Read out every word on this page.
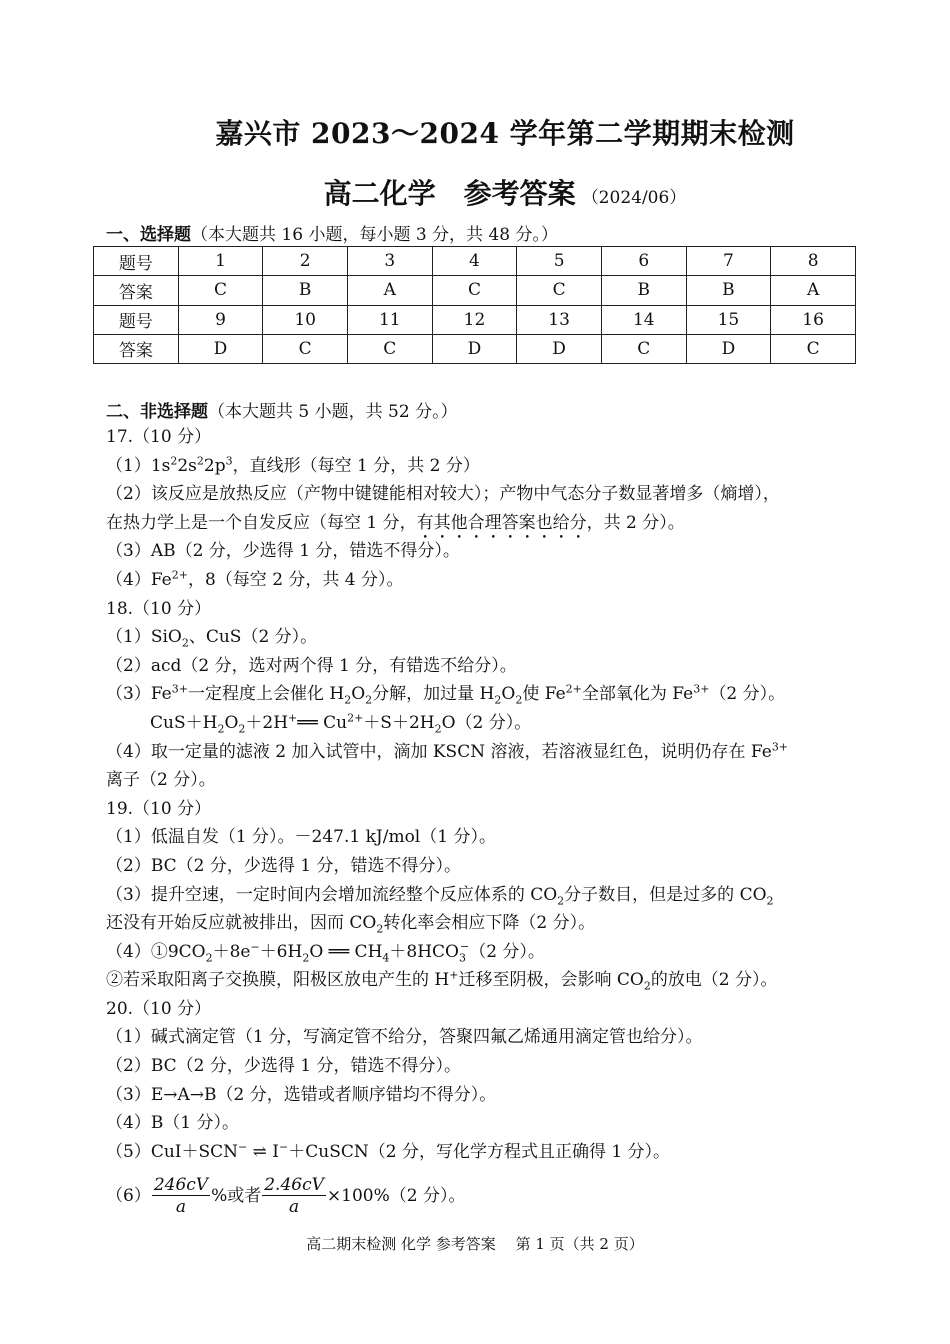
嘉兴市 2023～2024 学年第二学期期末检测
高二化学　参考答案 （2024/06）
一、选择题（本大题共 16 小题，每小题 3 分，共 48 分。）
题号	1	2	3	4	5	6	7	8
答案	C	B	A	C	C	B	B	A
题号	9	10	11	12	13	14	15	16
答案	D	C	C	D	D	C	D	C
二、非选择题（本大题共 5 小题，共 52 分。）
17.（10 分）
$(1)1s^22s^22p^3$，直线形（每空 1 分，共 2 分）
（2）该反应是放热反应（产物中键键能相对较大）；产物中气态分子数显著增多（熵增），
在热力学上是一个自发反应（每空 1 分，有其他合理答案也给分，共 2 分）。
（3）AB（2 分，少选得 1 分，错选不得分）。
$(4)Fe^{2+}$，8（每空 2 分，共 4 分）。
18.（10 分）
（1）SiO$_2$、CuS（2 分）。
（2）acd（2 分，选对两个得 1 分，有错选不给分）。
$(3)Fe^{3+}$一定程度上会催化 $H_2O_2$分解，加过量 $H_2O_2$使 $Fe^{2+}$全部氧化为 $Fe^{3+}(2$ 分）。
$CuS+H_2O_2+2H^+══$ $Cu^{2+}+S+2H_2O(2$ 分）。
（4）取一定量的滤液 2 加入试管中，滴加 KSCN 溶液，若溶液显红色，说明仍存在 $Fe^{3+}$
离子（2 分）。
19.（10 分）
（1）低温自发（1 分）。－247.1 kJ/mol（1 分）。
（2）BC（2 分，少选得 1 分，错选不得分）。
（3）提升空速，一定时间内会增加流经整个反应体系的 $CO_2$分子数目，但是过多的 $CO_2$
还没有开始反应就被排出，因而 $CO_2$转化率会相应下降（2 分）。
$(4)①9CO_2+8e^-+6H_2O$ ══ $CH_4+8HCO_3^-(2$ 分）。
②若采取阳离子交换膜，阳极区放电产生的 H+迁移至阴极，会影响 $CO_2$的放电（2 分）。
20.（10 分）
（1）碱式滴定管（1 分，写滴定管不给分，答聚四氟乙烯通用滴定管也给分）。
（2）BC（2 分，少选得 1 分，错选不得分）。
（3）E→A→B（2 分，选错或者顺序错均不得分）。
（4）B（1 分）。
（5）CuI＋SCN− ⇌ I−＋CuSCN（2 分，写化学方程式且正确得 1 分）。
$(6) \frac{246cV}{a}$ %或者 $\frac{2.46cV}{a} \times 100\%(2$ 分）。
高二期末检测 化学 参考答案　 第 1 页（共 2 页）
